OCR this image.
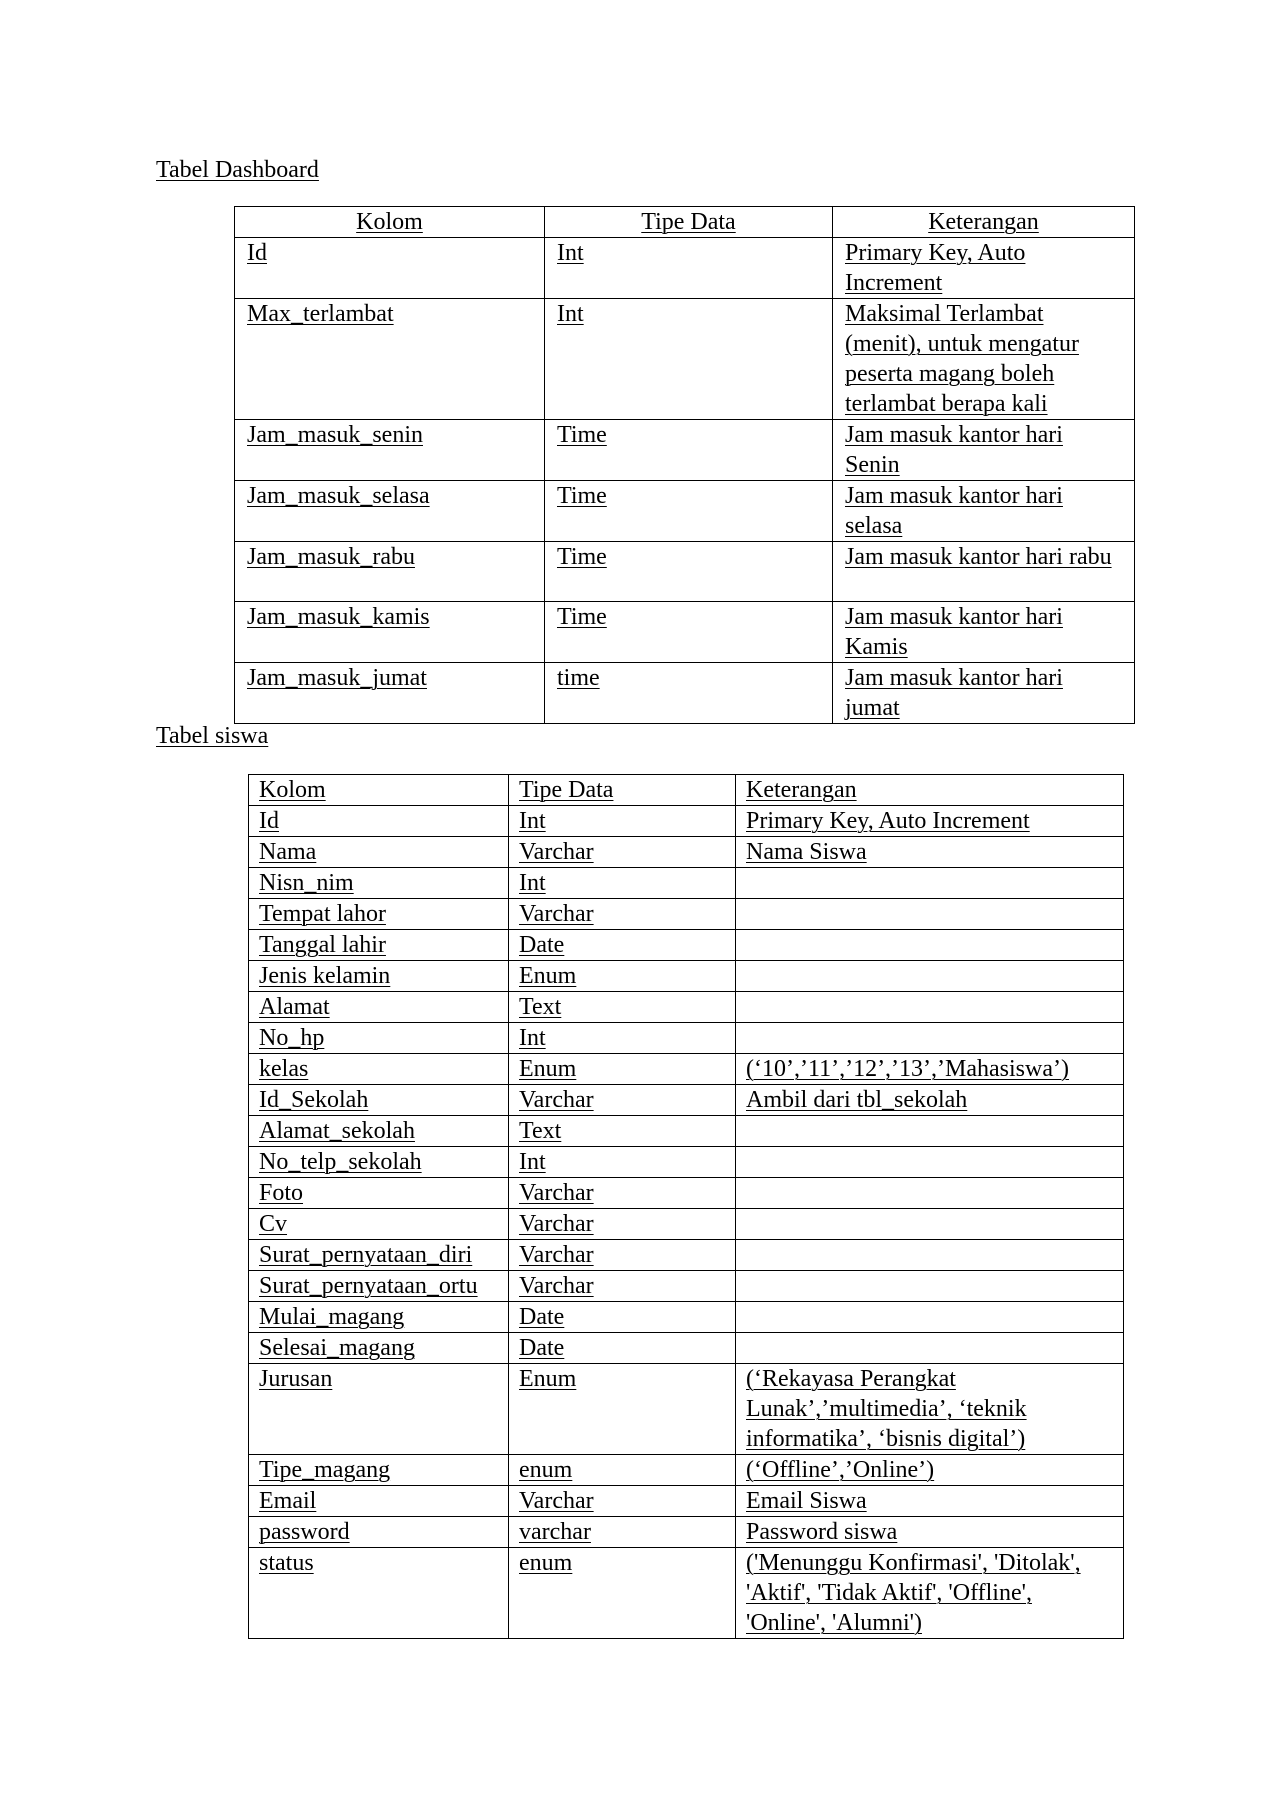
Tabel Dashboard
Kolom	Tipe Data	Keterangan
Id	Int	Primary Key, Auto Increment
Max_terlambat	Int	Maksimal Terlambat (menit), untuk mengatur peserta magang boleh terlambat berapa kali
Jam_masuk_senin	Time	Jam masuk kantor hari Senin
Jam_masuk_selasa	Time	Jam masuk kantor hari selasa
Jam_masuk_rabu	Time	Jam masuk kantor hari rabu
Jam_masuk_kamis	Time	Jam masuk kantor hari Kamis
Jam_masuk_jumat	time	Jam masuk kantor hari jumat
Tabel siswa
Kolom	Tipe Data	Keterangan
Id	Int	Primary Key, Auto Increment
Nama	Varchar	Nama Siswa
Nisn_nim	Int	
Tempat lahor	Varchar	
Tanggal lahir	Date	
Jenis kelamin	Enum	
Alamat	Text	
No_hp	Int	
kelas	Enum	(‘10’,’11’,’12’,’13’,’Mahasiswa’)
Id_Sekolah	Varchar	Ambil dari tbl_sekolah
Alamat_sekolah	Text	
No_telp_sekolah	Int	
Foto	Varchar	
Cv	Varchar	
Surat_pernyataan_diri	Varchar	
Surat_pernyataan_ortu	Varchar	
Mulai_magang	Date	
Selesai_magang	Date	
Jurusan	Enum	(‘Rekayasa Perangkat Lunak’,’multimedia’, ‘teknik informatika’, ‘bisnis digital’)
Tipe_magang	enum	(‘Offline’,’Online’)
Email	Varchar	Email Siswa
password	varchar	Password siswa
status	enum	('Menunggu Konfirmasi', 'Ditolak', 'Aktif', 'Tidak Aktif', 'Offline', 'Online', 'Alumni')
